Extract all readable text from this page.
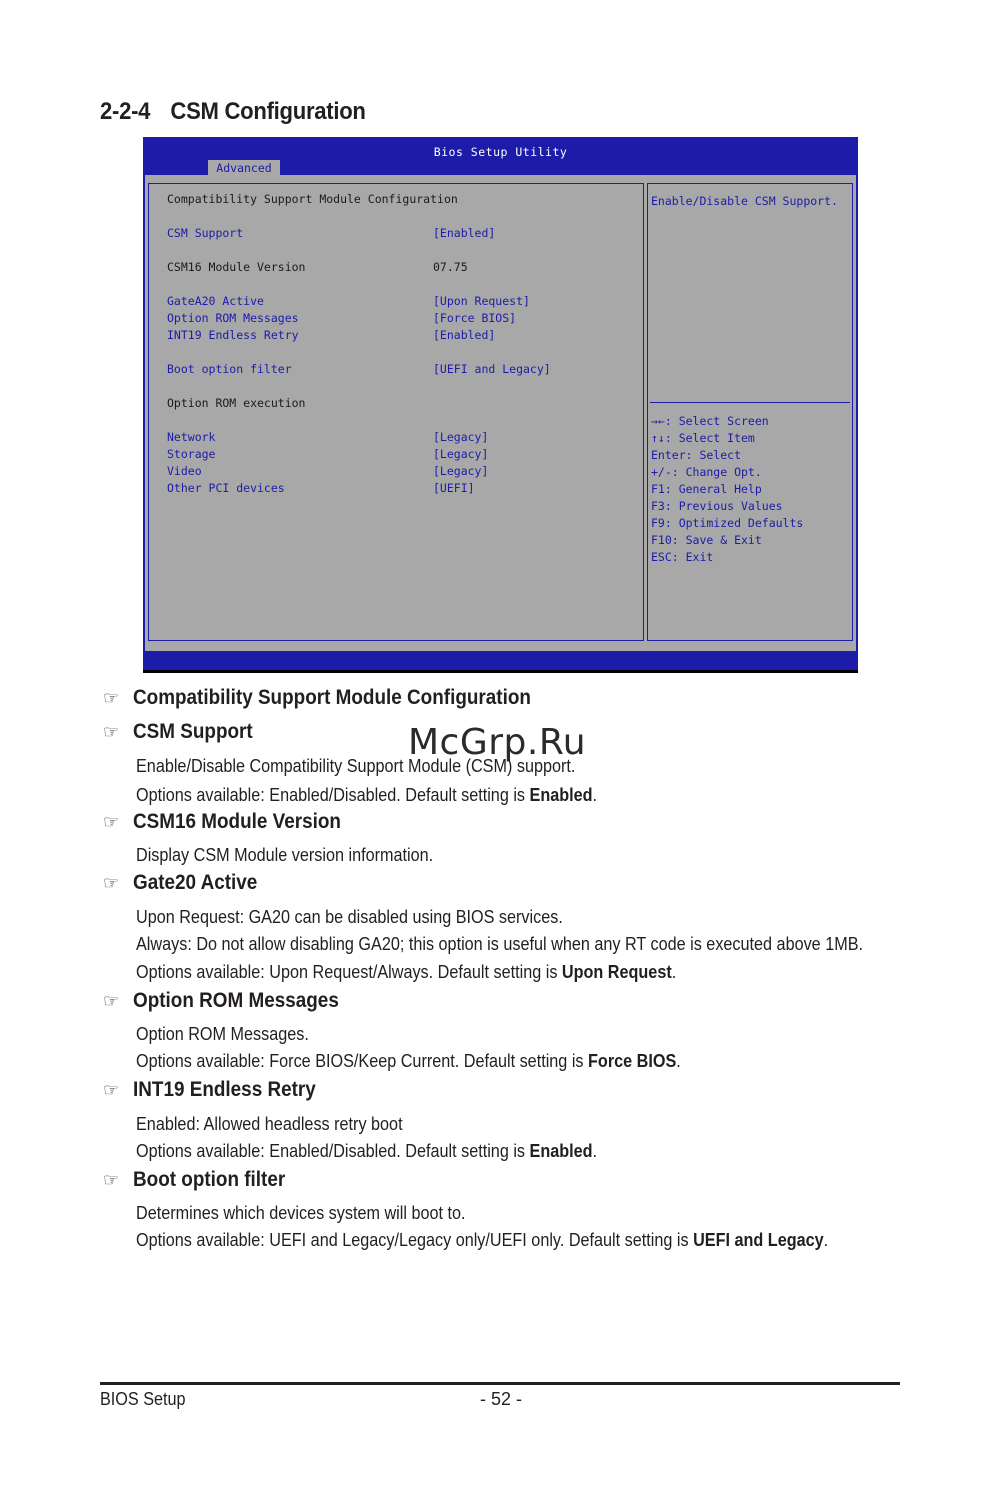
2-2-4 CSM Configuration
Bios Setup Utility
Advanced
Compatibility Support Module Configuration
CSM Support	[Enabled]
CSM16 Module Version	07.75
GateA20 Active	[Upon Request]
Option ROM Messages	[Force BIOS]
INT19 Endless Retry	[Enabled]
Boot option filter	[UEFI and Legacy]
Option ROM execution
Network	[Legacy]
Storage	[Legacy]
Video	[Legacy]
Other PCI devices	[UEFI]
Enable/Disable CSM Support.
→←: Select Screen
↑↓: Select Item
Enter: Select
+/-: Change Opt.
F1: General Help
F3: Previous Values
F9: Optimized Defaults
F10: Save & Exit
ESC: Exit
☞ Compatibility Support Module Configuration
☞ CSM Support

Enable/Disable Compatibility Support Module (CSM) support.

Options available: Enabled/Disabled. Default setting is Enabled.

☞ CSM16 Module Version

Display CSM Module version information.

☞ Gate20 Active

Upon Request: GA20 can be disabled using BIOS services.

Always: Do not allow disabling GA20; this option is useful when any RT code is executed above 1MB.

Options available: Upon Request/Always. Default setting is Upon Request.

☞ Option ROM Messages

Option ROM Messages.

Options available: Force BIOS/Keep Current. Default setting is Force BIOS.

☞ INT19 Endless Retry

Enabled: Allowed headless retry boot

Options available: Enabled/Disabled. Default setting is Enabled.

☞ Boot option filter

Determines which devices system will boot to.

Options available: UEFI and Legacy/Legacy only/UEFI only. Default setting is UEFI and Legacy.

McGrp.Ru
BIOS Setup	- 52 -
